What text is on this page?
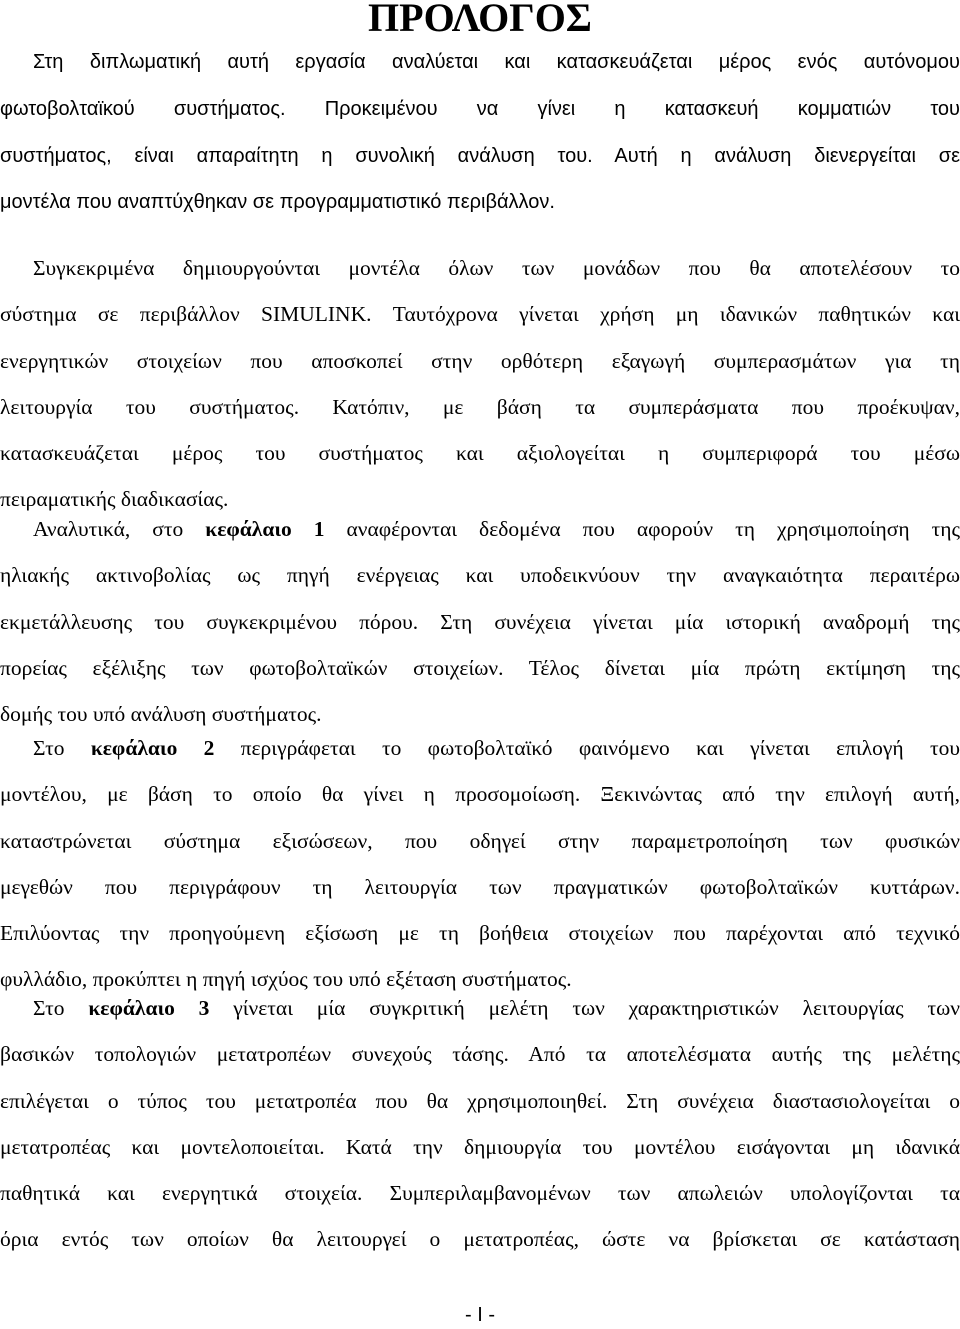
ΠΡΟΛΟΓΟΣ
Στη διπλωματική αυτή εργασία αναλύεται και κατασκευάζεται μέρος ενός αυτόνομου
φωτοβολταϊκού συστήματος. Προκειμένου να γίνει η κατασκευή κομματιών του
συστήματος, είναι απαραίτητη η συνολική ανάλυση του. Αυτή η ανάλυση διενεργείται σε
μοντέλα που αναπτύχθηκαν σε προγραμματιστικό περιβάλλον.
Συγκεκριμένα δημιουργούνται μοντέλα όλων των μονάδων που θα αποτελέσουν το
σύστημα σε περιβάλλον SIMULINK. Ταυτόχρονα γίνεται χρήση μη ιδανικών παθητικών και
ενεργητικών στοιχείων που αποσκοπεί στην ορθότερη εξαγωγή συμπερασμάτων για τη
λειτουργία του συστήματος. Κατόπιν, με βάση τα συμπεράσματα που προέκυψαν,
κατασκευάζεται μέρος του συστήματος και αξιολογείται η συμπεριφορά του μέσω
πειραματικής διαδικασίας.
Αναλυτικά, στο κεφάλαιο 1 αναφέρονται δεδομένα που αφορούν τη χρησιμοποίηση της
ηλιακής ακτινοβολίας ως πηγή ενέργειας και υποδεικνύουν την αναγκαιότητα περαιτέρω
εκμετάλλευσης του συγκεκριμένου πόρου. Στη συνέχεια γίνεται μία ιστορική αναδρομή της
πορείας εξέλιξης των φωτοβολταϊκών στοιχείων. Τέλος δίνεται μία πρώτη εκτίμηση της
δομής του υπό ανάλυση συστήματος.
Στο κεφάλαιο 2 περιγράφεται το φωτοβολταϊκό φαινόμενο και γίνεται επιλογή του
μοντέλου, με βάση το οποίο θα γίνει η προσομοίωση. Ξεκινώντας από την επιλογή αυτή,
καταστρώνεται σύστημα εξισώσεων, που οδηγεί στην παραμετροποίηση των φυσικών
μεγεθών που περιγράφουν τη λειτουργία των πραγματικών φωτοβολταϊκών κυττάρων.
Επιλύοντας την προηγούμενη εξίσωση με τη βοήθεια στοιχείων που παρέχονται από τεχνικό
φυλλάδιο, προκύπτει η πηγή ισχύος του υπό εξέταση συστήματος.
Στο κεφάλαιο 3 γίνεται μία συγκριτική μελέτη των χαρακτηριστικών λειτουργίας των
βασικών τοπολογιών μετατροπέων συνεχούς τάσης. Από τα αποτελέσματα αυτής της μελέτης
επιλέγεται ο τύπος του μετατροπέα που θα χρησιμοποιηθεί. Στη συνέχεια διαστασιολογείται ο
μετατροπέας και μοντελοποιείται. Κατά την δημιουργία του μοντέλου εισάγονται μη ιδανικά
παθητικά και ενεργητικά στοιχεία. Συμπεριλαμβανομένων των απωλειών υπολογίζονται τα
όρια εντός των οποίων θα λειτουργεί ο μετατροπέας, ώστε να βρίσκεται σε κατάσταση
- I -
